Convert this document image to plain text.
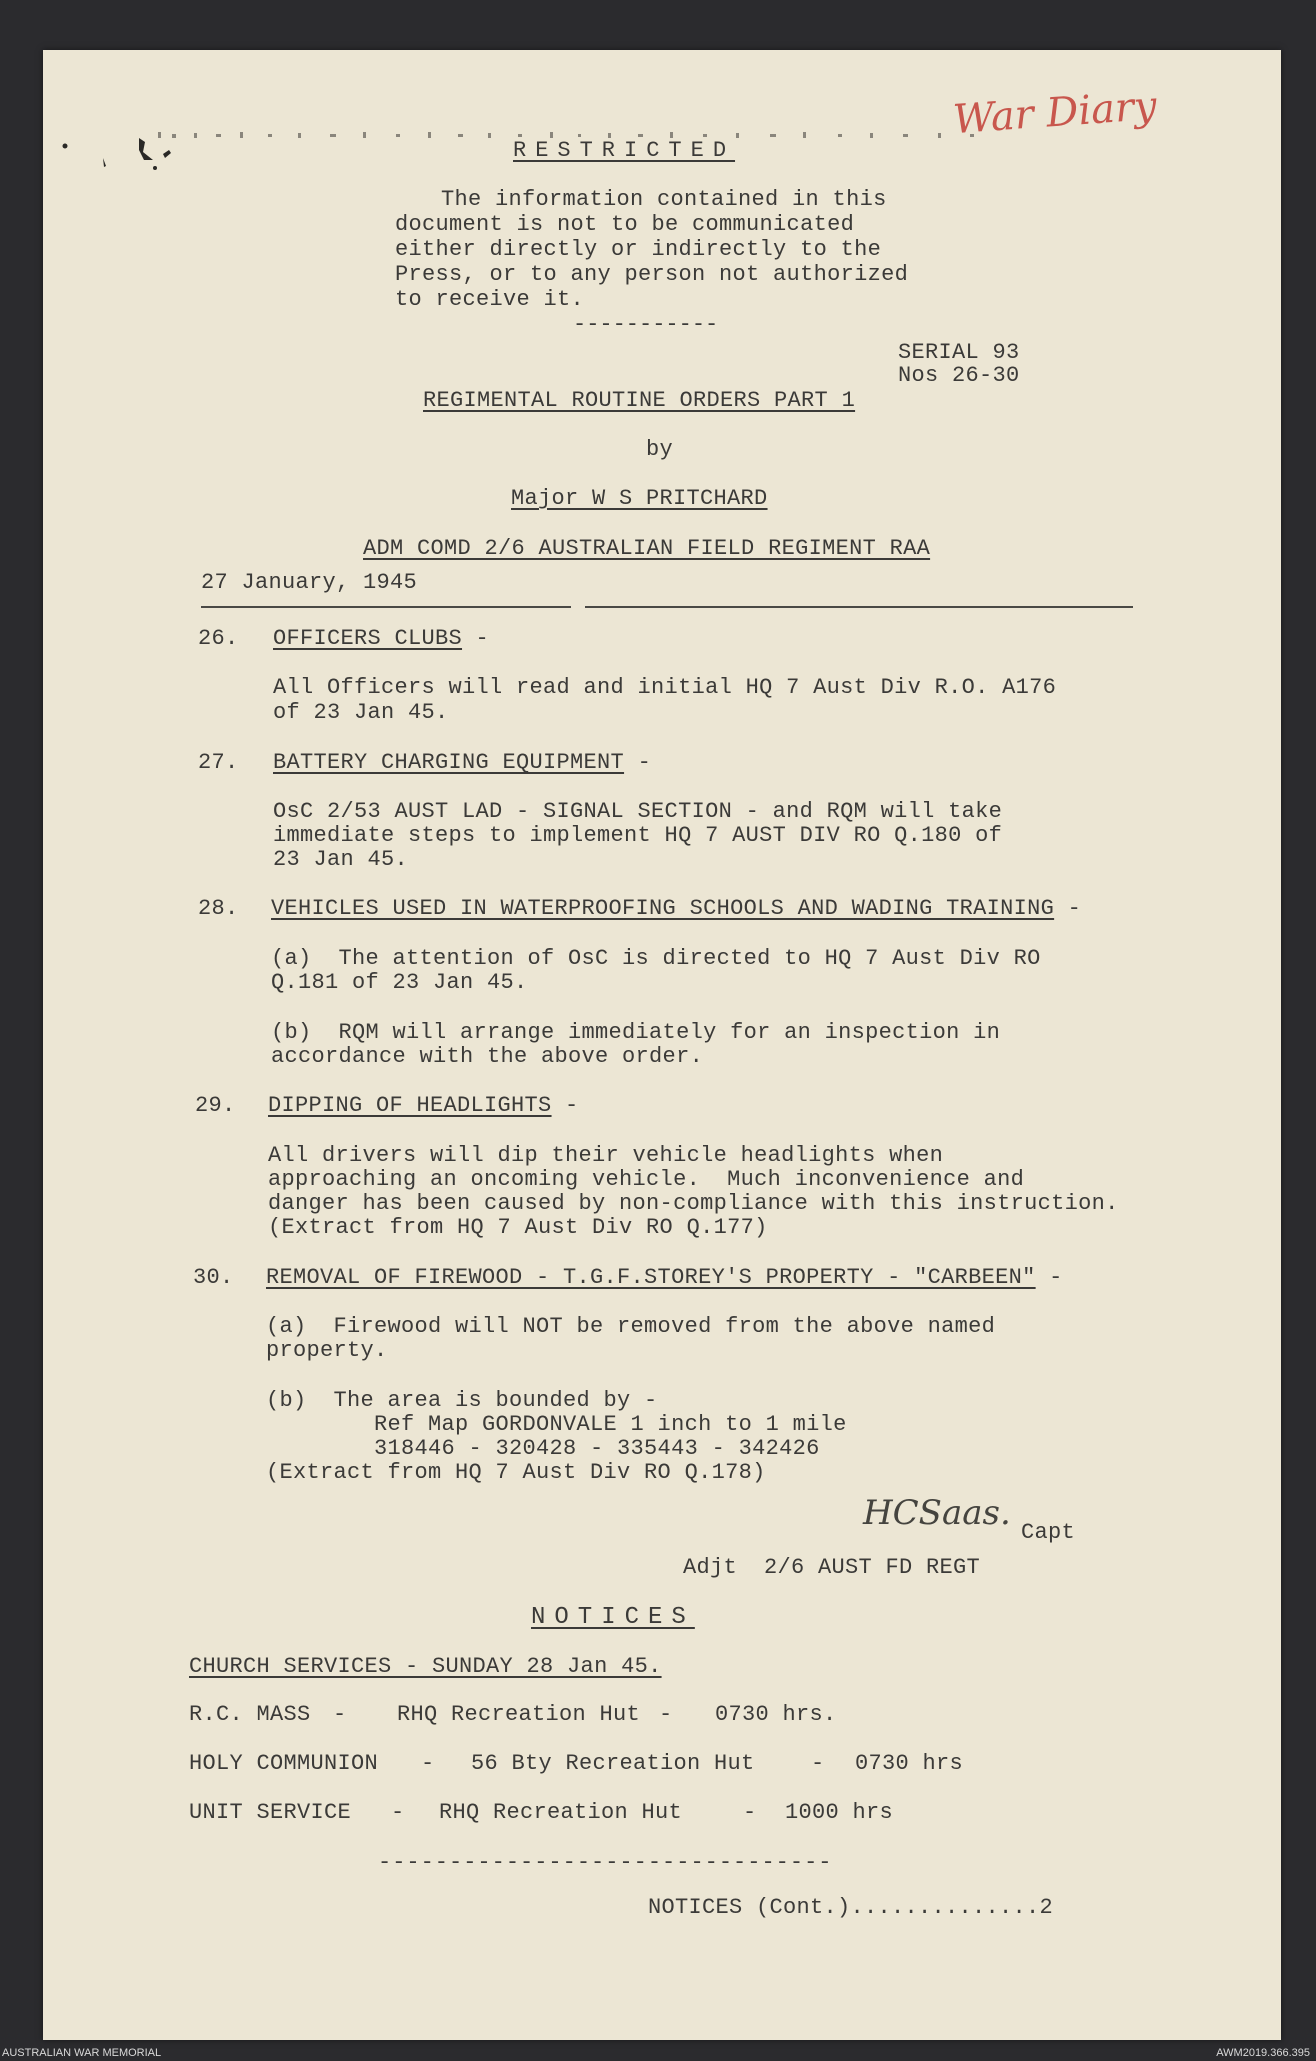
War Diary
RESTRICTED
The information contained in this
document is not to be communicated
either directly or indirectly to the
Press, or to any person not authorized
to receive it.
-----------
SERIAL 93
Nos 26-30
REGIMENTAL ROUTINE ORDERS PART 1
by
Major W S PRITCHARD
ADM COMD 2/6 AUSTRALIAN FIELD REGIMENT RAA
27 January, 1945
26. OFFICERS CLUBS -
All Officers will read and initial HQ 7 Aust Div R.O. A176
of 23 Jan 45.
27. BATTERY CHARGING EQUIPMENT -
OsC 2/53 AUST LAD - SIGNAL SECTION - and RQM will take
immediate steps to implement HQ 7 AUST DIV RO Q.180 of
23 Jan 45.
28. VEHICLES USED IN WATERPROOFING SCHOOLS AND WADING TRAINING -
(a)  The attention of OsC is directed to HQ 7 Aust Div RO
Q.181 of 23 Jan 45.
(b)  RQM will arrange immediately for an inspection in
accordance with the above order.
29. DIPPING OF HEADLIGHTS -
All drivers will dip their vehicle headlights when
approaching an oncoming vehicle.  Much inconvenience and
danger has been caused by non-compliance with this instruction.
(Extract from HQ 7 Aust Div RO Q.177)
30. REMOVAL OF FIREWOOD - T.G.F.STOREY'S PROPERTY - "CARBEEN" -
(a)  Firewood will NOT be removed from the above named
property.
(b)  The area is bounded by -
Ref Map GORDONVALE 1 inch to 1 mile
318446 - 320428 - 335443 - 342426
(Extract from HQ 7 Aust Div RO Q.178)
HCSaas. Capt
Adjt  2/6 AUST FD REGT
NOTICES
CHURCH SERVICES - SUNDAY 28 Jan 45.
R.C. MASS - RHQ Recreation Hut - 0730 hrs.
HOLY COMMUNION - 56 Bty Recreation Hut	- 0730 hrs
UNIT SERVICE - RHQ Recreation Hut	- 1000 hrs
--------------------------------
NOTICES (Cont.)..............2
AUSTRALIAN WAR MEMORIAL	AWM2019.366.395
